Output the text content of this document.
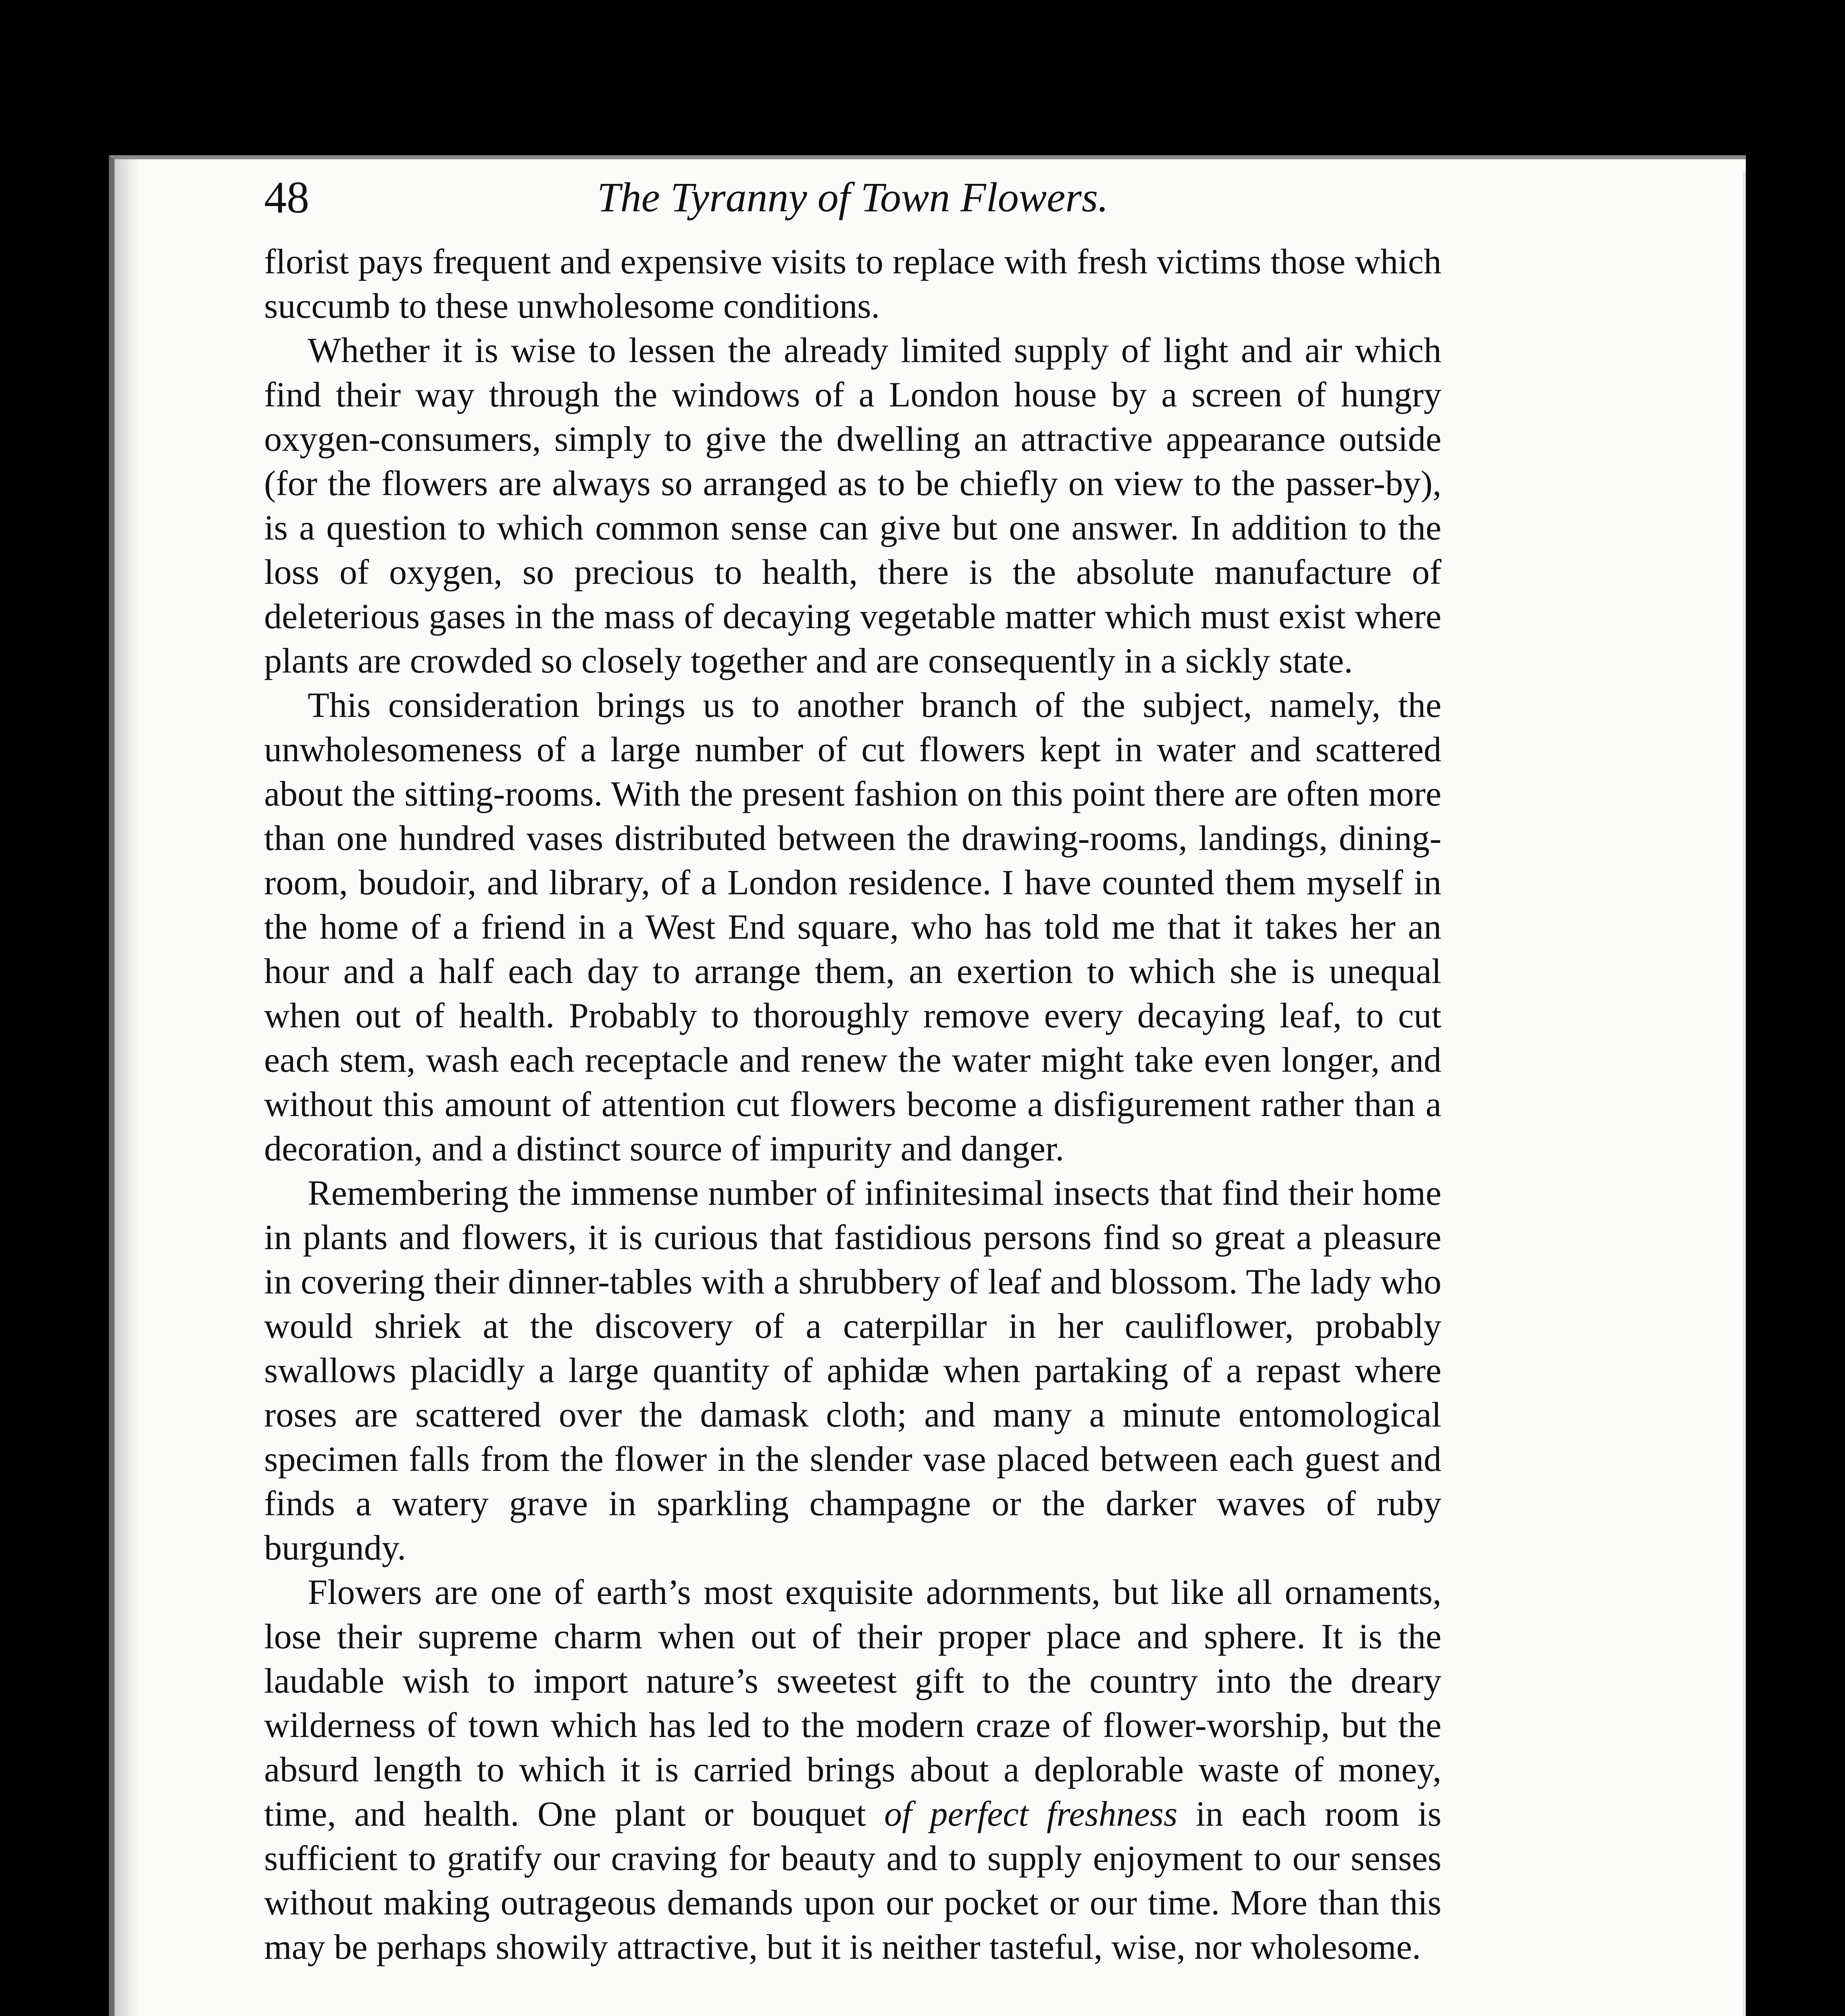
48	The Tyranny of Town Flowers.

florist pays frequent and expensive visits to replace with fresh victims those which succumb to these unwholesome conditions.

Whether it is wise to lessen the already limited supply of light and air which find their way through the windows of a London house by a screen of hungry oxygen-consumers, simply to give the dwelling an attractive appearance outside (for the flowers are always so arranged as to be chiefly on view to the passer-by), is a question to which common sense can give but one answer. In addition to the loss of oxygen, so precious to health, there is the absolute manufacture of deleterious gases in the mass of decaying vegetable matter which must exist where plants are crowded so closely together and are consequently in a sickly state.

This consideration brings us to another branch of the subject, namely, the unwholesomeness of a large number of cut flowers kept in water and scattered about the sitting-rooms. With the present fashion on this point there are often more than one hundred vases distributed between the drawing-rooms, landings, dining-room, boudoir, and library, of a London residence. I have counted them myself in the home of a friend in a West End square, who has told me that it takes her an hour and a half each day to arrange them, an exertion to which she is unequal when out of health. Probably to thoroughly remove every decaying leaf, to cut each stem, wash each receptacle and renew the water might take even longer, and without this amount of attention cut flowers become a disfigurement rather than a decoration, and a distinct source of impurity and danger.

Remembering the immense number of infinitesimal insects that find their home in plants and flowers, it is curious that fastidious persons find so great a pleasure in covering their dinner-tables with a shrubbery of leaf and blossom. The lady who would shriek at the discovery of a caterpillar in her cauliflower, probably swallows placidly a large quantity of aphidæ when partaking of a repast where roses are scattered over the damask cloth; and many a minute entomological specimen falls from the flower in the slender vase placed between each guest and finds a watery grave in sparkling champagne or the darker waves of ruby burgundy.

Flowers are one of earth’s most exquisite adornments, but like all ornaments, lose their supreme charm when out of their proper place and sphere. It is the laudable wish to import nature’s sweetest gift to the country into the dreary wilderness of town which has led to the modern craze of flower-worship, but the absurd length to which it is carried brings about a deplorable waste of money, time, and health. One plant or bouquet of perfect freshness in each room is sufficient to gratify our craving for beauty and to supply enjoyment to our senses without making outrageous demands upon our pocket or our time. More than this may be perhaps showily attractive, but it is neither tasteful, wise, nor wholesome.
